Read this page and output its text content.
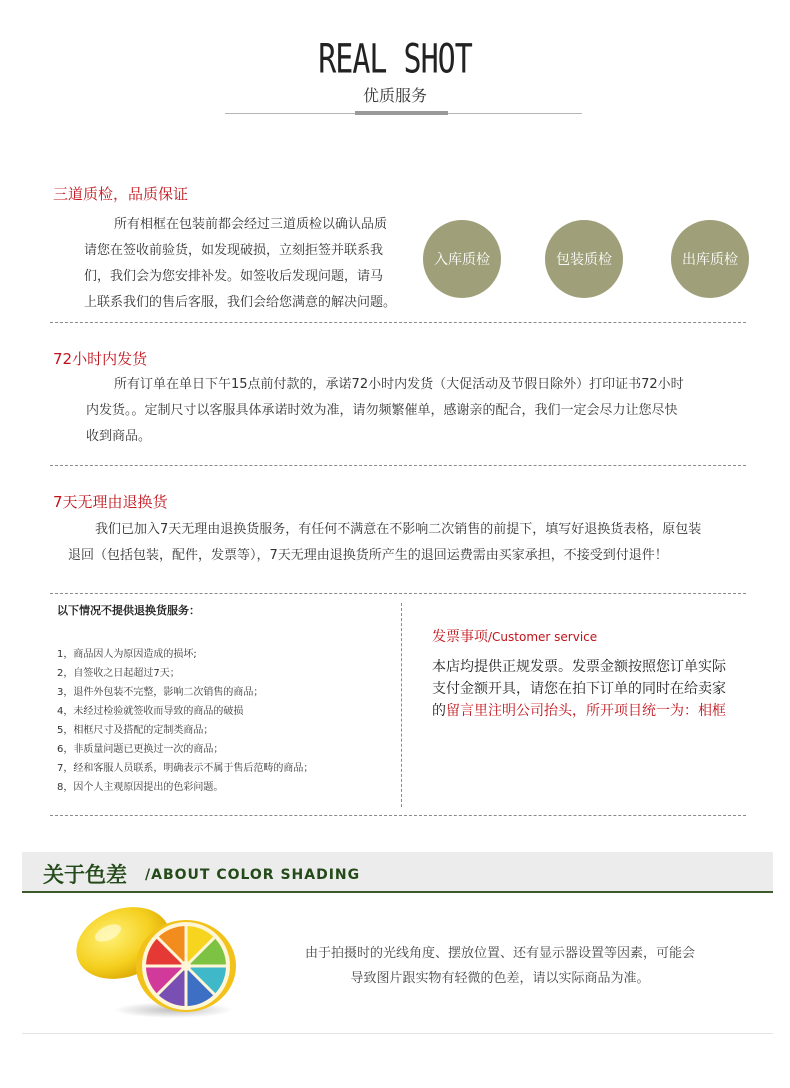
REAL SHOT
优质服务
三道质检，品质保证
所有相框在包装前都会经过三道质检以确认品质
请您在签收前验货，如发现破损，立刻拒签并联系我
们，我们会为您安排补发。如签收后发现问题，请马
上联系我们的售后客服，我们会给您满意的解决问题。
入库质检	包装质检	出库质检
72小时内发货
所有订单在单日下午15点前付款的，承诺72小时内发货（大促活动及节假日除外）打印证书72小时
内发货。。定制尺寸以客服具体承诺时效为准，请勿频繁催单，感谢亲的配合，我们一定会尽力让您尽快
收到商品。
7天无理由退换货
我们已加入7天无理由退换货服务，有任何不满意在不影响二次销售的前提下，填写好退换货表格，原包装
退回（包括包装，配件，发票等），7天无理由退换货所产生的退回运费需由买家承担，不接受到付退件！
以下情况不提供退换货服务：
1，商品因人为原因造成的损坏;
2，自签收之日起超过7天；
3，退件外包装不完整，影响二次销售的商品；
4，未经过检验就签收而导致的商品的破损
5，相框尺寸及搭配的定制类商品；
6，非质量问题已更换过一次的商品；
7，经和客服人员联系，明确表示不属于售后范畴的商品；
8，因个人主观原因提出的色彩问题。
发票事项/Customer service
本店均提供正规发票。发票金额按照您订单实际
支付金额开具，请您在拍下订单的同时在给卖家
的留言里注明公司抬头，所开项目统一为：相框
关于色差 /ABOUT COLOR SHADING
由于拍摄时的光线角度、摆放位置、还有显示器设置等因素，可能会
导致图片跟实物有轻微的色差，请以实际商品为准。
